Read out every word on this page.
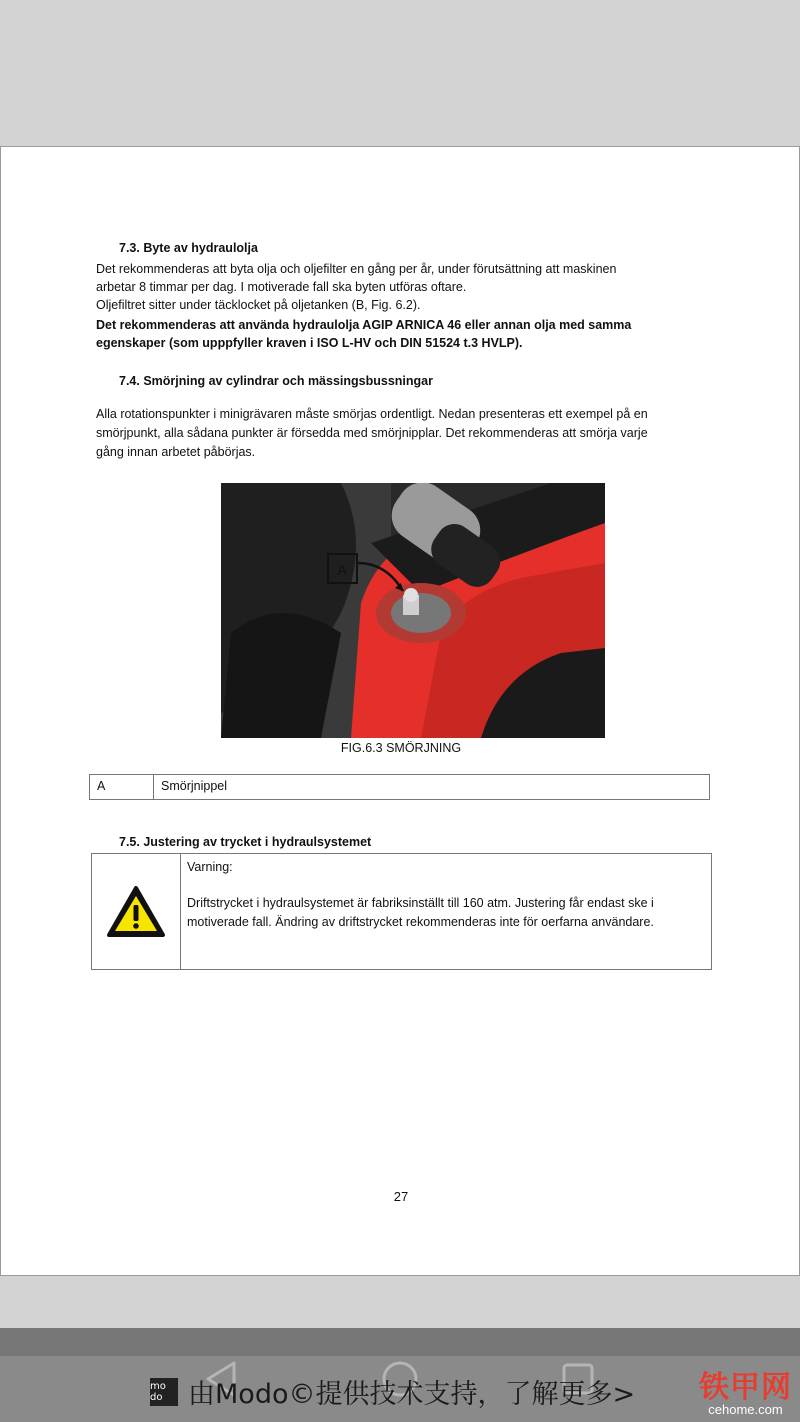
7.3. Byte av hydraulolja
Det rekommenderas att byta olja och oljefilter en gång per år, under förutsättning att maskinen
arbetar 8 timmar per dag. I motiverade fall ska byten utföras oftare.
Oljefiltret sitter under täcklocket på oljetanken (B, Fig. 6.2).
Det rekommenderas att använda hydraulolja AGIP ARNICA 46 eller annan olja med samma
egenskaper (som upppfyller kraven i ISO L-HV och DIN 51524 t.3 HVLP).
7.4. Smörjning av cylindrar och mässingsbussningar
Alla rotationspunkter i minigrävaren måste smörjas ordentligt. Nedan presenteras ett exempel på en
smörjpunkt, alla sådana punkter är försedda med smörjnipplar. Det rekommenderas att smörja varje
gång innan arbetet påbörjas.
A
FIG.6.3 SMÖRJNING
A	Smörjnippel
7.5. Justering av trycket i hydraulsystemet
Varning:
Driftstrycket i hydraulsystemet är fabriksinställt till 160 atm. Justering får endast ske i
motiverade fall. Ändring av driftstrycket rekommenderas inte för oerfarna användare.
27
mo do 由Modo©提供技术支持，了解更多> 铁甲网
cehome.com
